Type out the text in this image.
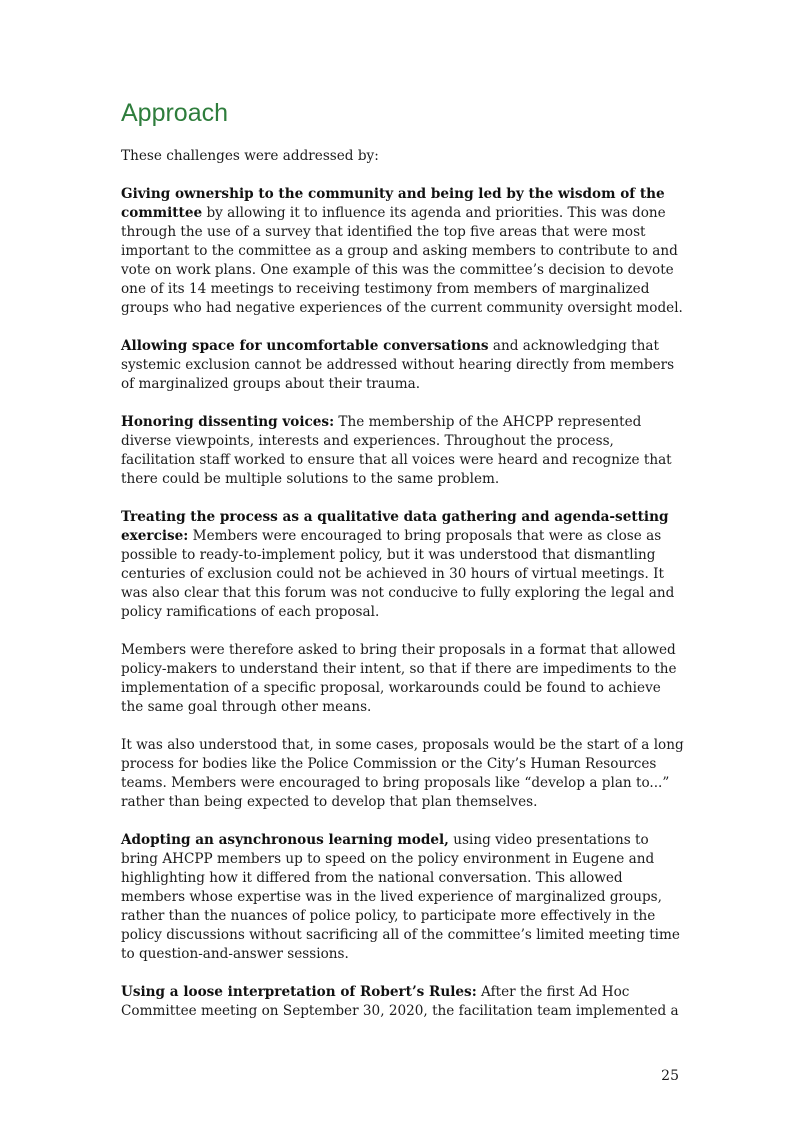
Approach

These challenges were addressed by:

Giving ownership to the community and being led by the wisdom of the committee by allowing it to influence its agenda and priorities. This was done through the use of a survey that identified the top five areas that were most important to the committee as a group and asking members to contribute to and vote on work plans. One example of this was the committee’s decision to devote one of its 14 meetings to receiving testimony from members of marginalized groups who had negative experiences of the current community oversight model.

Allowing space for uncomfortable conversations and acknowledging that systemic exclusion cannot be addressed without hearing directly from members of marginalized groups about their trauma.

Honoring dissenting voices: The membership of the AHCPP represented diverse viewpoints, interests and experiences. Throughout the process, facilitation staff worked to ensure that all voices were heard and recognize that there could be multiple solutions to the same problem.

Treating the process as a qualitative data gathering and agenda-setting exercise: Members were encouraged to bring proposals that were as close as possible to ready-to-implement policy, but it was understood that dismantling centuries of exclusion could not be achieved in 30 hours of virtual meetings. It was also clear that this forum was not conducive to fully exploring the legal and policy ramifications of each proposal.

Members were therefore asked to bring their proposals in a format that allowed policy-makers to understand their intent, so that if there are impediments to the implementation of a specific proposal, workarounds could be found to achieve the same goal through other means.

It was also understood that, in some cases, proposals would be the start of a long process for bodies like the Police Commission or the City’s Human Resources teams. Members were encouraged to bring proposals like “develop a plan to...” rather than being expected to develop that plan themselves.

Adopting an asynchronous learning model, using video presentations to bring AHCPP members up to speed on the policy environment in Eugene and highlighting how it differed from the national conversation. This allowed members whose expertise was in the lived experience of marginalized groups, rather than the nuances of police policy, to participate more effectively in the policy discussions without sacrificing all of the committee’s limited meeting time to question-and-answer sessions.

Using a loose interpretation of Robert’s Rules: After the first Ad Hoc Committee meeting on September 30, 2020, the facilitation team implemented a

25
